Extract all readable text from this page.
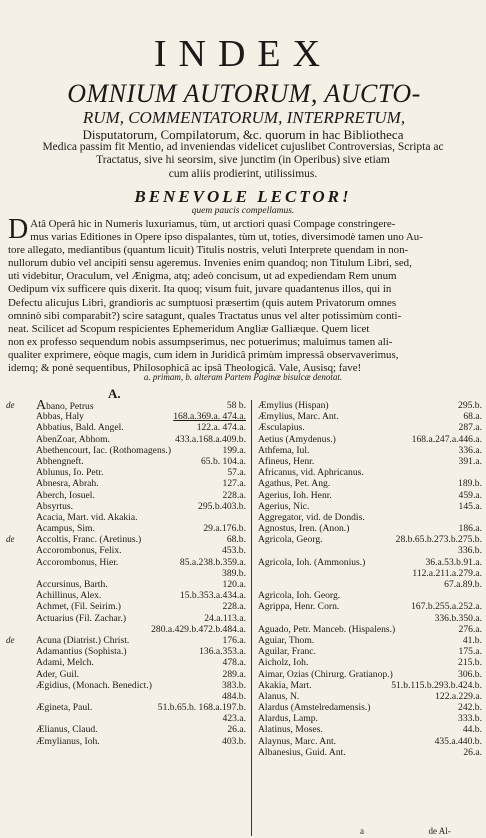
INDEX
OMNIUM AUTORUM, AUCTO-
RUM, COMMENTATORUM, INTERPRETUM,
Disputatorum, Compilatorum, &c. quorum in hac Bibliotheca
Medica passim fit Mentio, ad inveniendas videlicet cujuslibet Controversias, Scripta ac
Tractatus, sive hi seorsim, sive junctim (in Operibus) sive etiam
cum aliis prodierint, utilissimus.
BENEVOLE LECTOR!
quem paucis compellamus.
D Atâ Operâ hic in Numeris luxuriamus, tùm, ut arctiori quasi Compage constringere-
mus varias Editiones in Opere ipso dispalantes, tùm ut, toties, diversimodè tamen uno Au-
tore allegato, mediantibus (quantum licuit) Titulis nostris, veluti Interprete quendam in non-
nullorum dubio vel ancipiti sensu ageremus. Invenies enim quandoq; non Titulum Libri, sed,
uti videbitur, Oraculum, vel Ænigma, atq; adeò concisum, ut ad expediendam Rem unum
Oedipum vix sufficere quis dixerit. Ita quoq; visum fuit, juvare quadantenus illos, qui in
Defectu alicujus Libri, grandioris ac sumptuosi præsertim (quis autem Privatorum omnes
omninò sibi comparabit?) scire satagunt, quales Tractatus unus vel alter potissimùm conti-
neat. Scilicet ad Scopum respicientes Ephemeridum Angliæ Galliæque. Quem licet
non ex professo sequendum nobis assumpserimus, nec potuerimus; maluimus tamen ali-
qualiter exprimere, eòque magis, cum idem in Juridicâ primùm impressâ observaverimus,
idemq; & ponè sequentibus, Philosophicâ ac ipsâ Theologicâ. Vale, Ausisq; fave!
a. primam, b. alteram Partem Paginæ bisulcæ denotat.
A.
de Abano, Petrus	58 b.
Abbas, Haly	168.a.369.a. 474.a.
Abbatius, Bald. Angel.	122.a. 474.a.
AbenZoar, Abhom.	433.a.168.a.409.b.
Abethencourt, Iac. (Rothomagens.)	199.a.
Abhengneft.	65.b. 104.a.
Ablunus, Io. Petr.	57.a.
Abnesra, Abrah.	127.a.
Aberch, Iosuel.	228.a.
Absyrtus.	295.b.403.b.
Acacia, Mart. vid. Akakia.
Acampus, Sim.	29.a.176.b.
de Accoltis, Franc. (Aretinus.)	68.b.
Accorombonus, Felix.	453.b.
Accorombonus, Hier.	85.a.238.b.359.a.
389.b.
Accursinus, Barth.	120.a.
Achillinus, Alex.	15.b.353.a.434.a.
Achmet, (Fil. Seirim.)	228.a.
Actuarius (Fil. Zachar.)	24.a.113.a.
280.a.429.b.472.b.484.a.
de Acuna (Diatrist.) Christ.	176.a.
Adamantius (Sophista.)	136.a.353.a.
Adami, Melch.	478.a.
Ader, Guil.	289.a.
Ægidius, (Monach. Benedict.)	383.b.
484.b.
Æginetа, Paul.	51.b.65.b. 168.a.197.b.
423.a.
Ælianus, Claud.	26.a.
Æmylianus, Ioh.	403.b.
Æmylius (Hispan)	295.b.
Æmylius, Marc. Ant.	68.a.
Æsculapius.	287.a.
Aetius (Amydenus.)	168.a.247.a.446.a.
Athfema, Iul.	336.a.
Afineus, Henr.	391.a.
Africanus, vid. Aphricanus.
Agathus, Pet. Ang.	189.b.
Agerius, Ioh. Henr.	459.a.
Agerius, Nic.	145.a.
Aggregator, vid. de Dondis.
Agnostus, Iren. (Anon.)	186.a.
Agricola, Georg.	28.b.65.b.273.b.275.b.
336.b.
Agricola, Ioh. (Ammonius.)	36.a.53.b.91.a.
112.a.211.a.279.a.
67.a.89.b.
Agricola, Ioh. Georg.
Agrippa, Henr. Corn.	167.b.255.a.252.a.
336.b.350.a.
Aguado, Petr. Manceb. (Hispalens.)	276.a.
Aguiar, Thom.	41.b.
Aguilar, Franc.	175.a.
Aicholz, Ioh.	215.b.
Aimar, Ozias (Chirurg. Gratianop.)	306.b.
Akakia, Mart.	51.b.115.b.293.b.424.b.
Alanus, N.	122.a.229.a.
Alardus (Amstelredamensis.)	242.b.
Alardus, Lamp.	333.b.
Alatinus, Moses.	44.b.
Alaynus, Marc. Ant.	435.a.440.b.
Albanesius, Guid. Ant.	26.a.
a	de Al-
